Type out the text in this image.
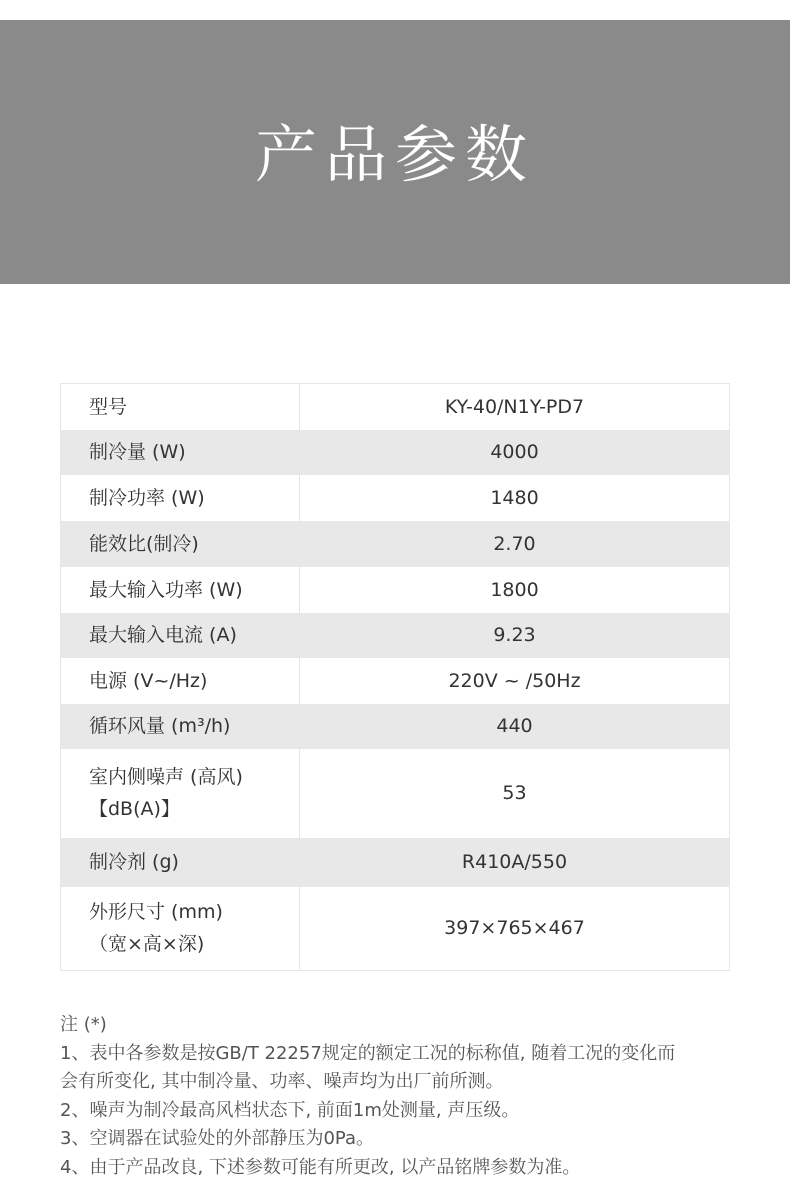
产品参数
型号	KY-40/N1Y-PD7

制冷量 (W)	4000

制冷功率 (W)	1480

能效比(制冷)	2.70

最大输入功率 (W)	1800

最大输入电流 (A)	9.23

电源 (V~/Hz)	220V ~ /50Hz

循环风量 (m³/h)	440

室内侧噪声 (高风)
【dB(A)】	53

制冷剂 (g)	R410A/550

外形尺寸 (mm)
（宽×高×深)	397×765×467

注 (*)

1、表中各参数是按GB/T 22257规定的额定工况的标称值, 随着工况的变化而

会有所变化, 其中制冷量、功率、噪声均为出厂前所测。

2、噪声为制冷最高风档状态下, 前面1m处测量, 声压级。

3、空调器在试验处的外部静压为0Pa。

4、由于产品改良, 下述参数可能有所更改, 以产品铭牌参数为准。
